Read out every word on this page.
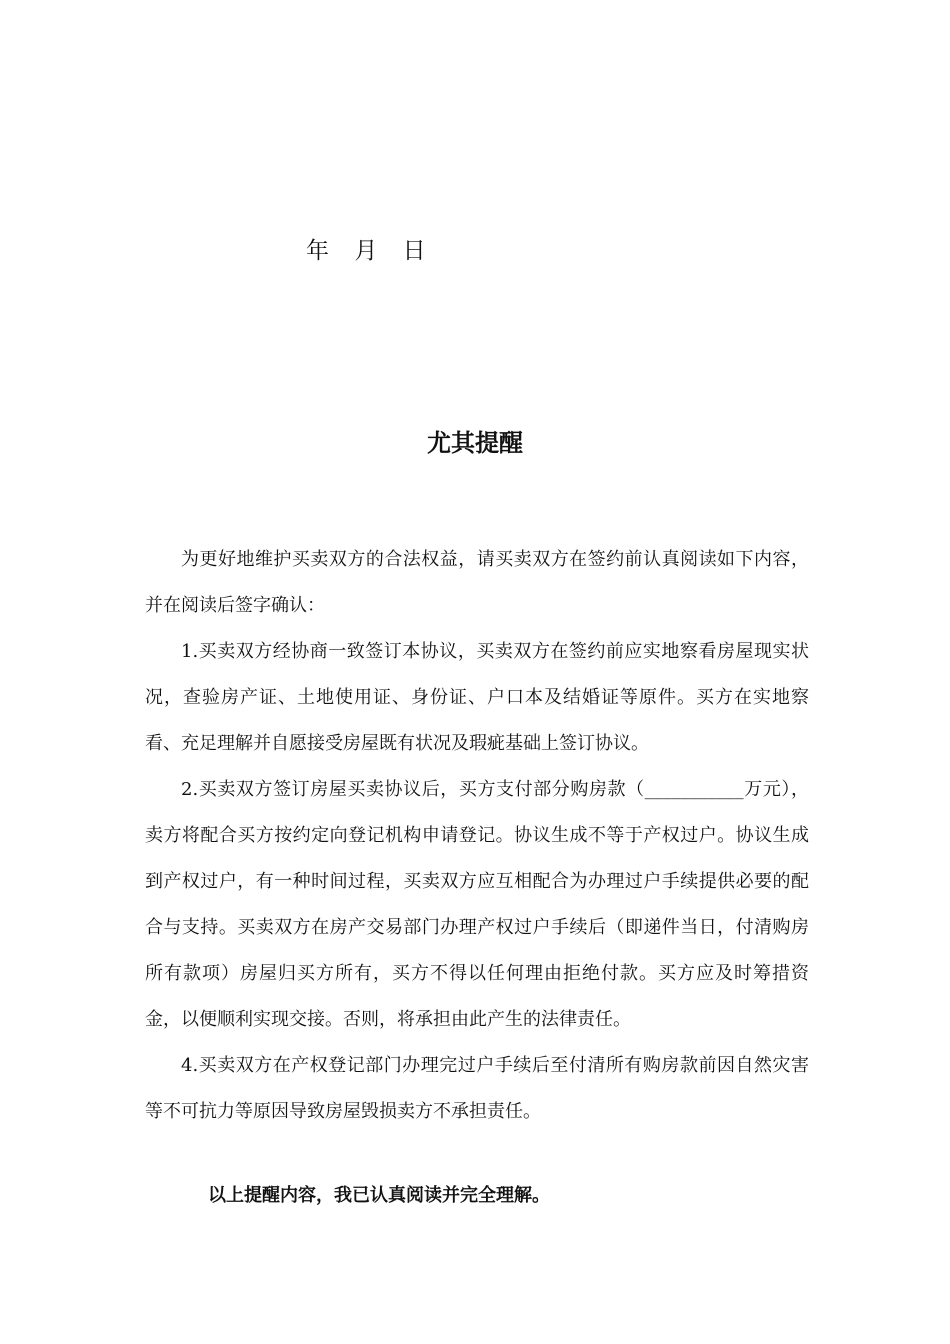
年 月 日
尤其提醒

为更好地维护买卖双方的合法权益，请买卖双方在签约前认真阅读如下内容，并在阅读后签字确认：

1.买卖双方经协商一致签订本协议，买卖双方在签约前应实地察看房屋现实状况，查验房产证、土地使用证、身份证、户口本及结婚证等原件。买方在实地察看、充足理解并自愿接受房屋既有状况及瑕疵基础上签订协议。

2.买卖双方签订房屋买卖协议后，买方支付部分购房款（___________万元），卖方将配合买方按约定向登记机构申请登记。协议生成不等于产权过户。协议生成到产权过户，有一种时间过程，买卖双方应互相配合为办理过户手续提供必要的配合与支持。买卖双方在房产交易部门办理产权过户手续后（即递件当日，付清购房所有款项）房屋归买方所有，买方不得以任何理由拒绝付款。买方应及时筹措资金，以便顺利实现交接。否则，将承担由此产生的法律责任。

4.买卖双方在产权登记部门办理完过户手续后至付清所有购房款前因自然灾害等不可抗力等原因导致房屋毁损卖方不承担责任。

以上提醒内容，我已认真阅读并完全理解。
